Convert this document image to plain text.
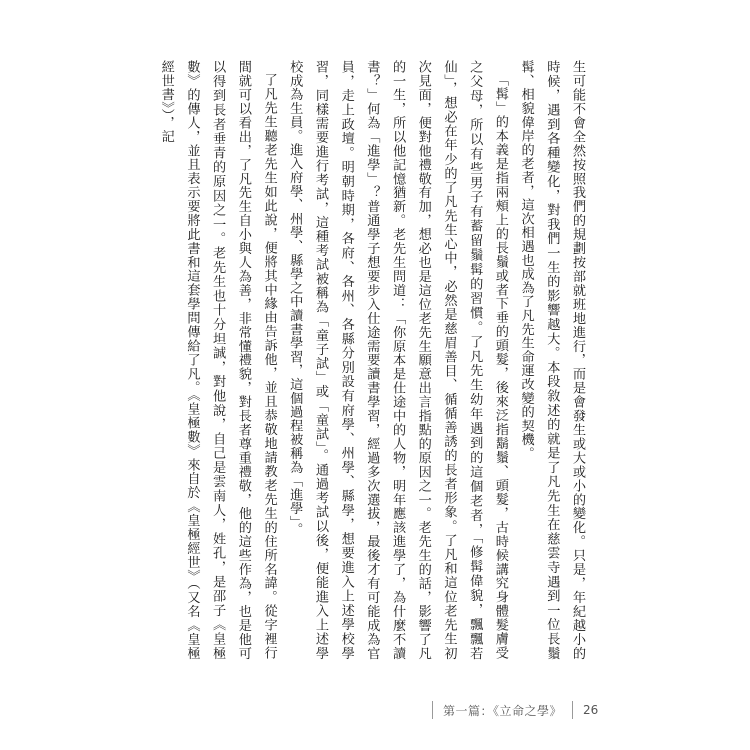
生可能不會全然按照我們的規劃按部就班地進行，而是會發生或大或小的變化。只是，年紀越小的時候，遇到各種變化，對我們一生的影響越大。本段敘述的就是了凡先生在慈雲寺遇到一位長鬚髯、相貌偉岸的老者，這次相遇也成為了凡先生命運改變的契機。

「髯」的本義是指兩頰上的長鬚或者下垂的頭髮，後來泛指鬍鬚、頭髮，古時候講究身體髮膚受之父母，所以有些男子有蓄留鬚髯的習慣。了凡先生幼年遇到的這個老者，「修髯偉貌，飄飄若仙」，想必在年少的了凡先生心中，必然是慈眉善目、循循善誘的長者形象。了凡和這位老先生初次見面，便對他禮敬有加，想必也是這位老先生願意出言指點的原因之一。老先生的話，影響了凡的一生，所以他記憶猶新。老先生問道：「你原本是仕途中的人物，明年應該進學了，為什麼不讀書？」何為「進學」？普通學子想要步入仕途需要讀書學習，經過多次選拔，最後才有可能成為官員，走上政壇。明朝時期，各府、各州、各縣分別設有府學、州學、縣學，想要進入上述學校學習，同樣需要進行考試，這種考試被稱為「童子試」或「童試」。通過考試以後，便能進入上述學校成為生員。進入府學、州學、縣學之中讀書學習，這個過程被稱為「進學」。

了凡先生聽老先生如此說，便將其中緣由告訴他，並且恭敬地請教老先生的住所名諱。從字裡行間就可以看出，了凡先生自小與人為善，非常懂禮貌，對長者尊重禮敬，他的這些作為，也是他可以得到長者垂青的原因之一。老先生也十分坦誠，對他說，自己是雲南人，姓孔，是邵子《皇極數》的傳人，並且表示要將此書和這套學問傳給了凡。《皇極數》來自於《皇極經世》（又名《皇極經世書》），記

第一篇：《立命之學》	26
